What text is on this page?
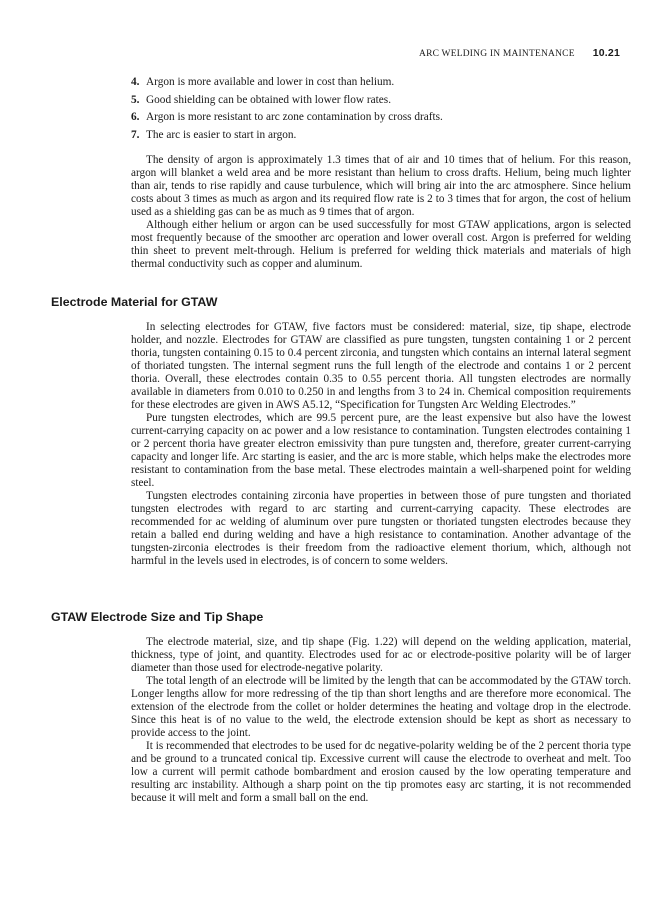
ARC WELDING IN MAINTENANCE 10.21
4. Argon is more available and lower in cost than helium.
5. Good shielding can be obtained with lower flow rates.
6. Argon is more resistant to arc zone contamination by cross drafts.
7. The arc is easier to start in argon.

The density of argon is approximately 1.3 times that of air and 10 times that of helium. For this reason, argon will blanket a weld area and be more resistant than helium to cross drafts. Helium, being much lighter than air, tends to rise rapidly and cause turbulence, which will bring air into the arc atmosphere. Since helium costs about 3 times as much as argon and its required flow rate is 2 to 3 times that for argon, the cost of helium used as a shielding gas can be as much as 9 times that of argon.

Although either helium or argon can be used successfully for most GTAW applications, argon is selected most frequently because of the smoother arc operation and lower overall cost. Argon is preferred for welding thin sheet to prevent melt-through. Helium is preferred for welding thick materials and materials of high thermal conductivity such as copper and aluminum.

Electrode Material for GTAW

In selecting electrodes for GTAW, five factors must be considered: material, size, tip shape, electrode holder, and nozzle. Electrodes for GTAW are classified as pure tungsten, tungsten containing 1 or 2 percent thoria, tungsten containing 0.15 to 0.4 percent zirconia, and tungsten which contains an internal lateral segment of thoriated tungsten. The internal segment runs the full length of the electrode and contains 1 or 2 percent thoria. Overall, these electrodes contain 0.35 to 0.55 percent thoria. All tungsten electrodes are normally available in diameters from 0.010 to 0.250 in and lengths from 3 to 24 in. Chemical composition requirements for these electrodes are given in AWS A5.12, “Specification for Tungsten Arc Welding Electrodes.”

Pure tungsten electrodes, which are 99.5 percent pure, are the least expensive but also have the lowest current-carrying capacity on ac power and a low resistance to contamination. Tungsten electrodes containing 1 or 2 percent thoria have greater electron emissivity than pure tungsten and, therefore, greater current-carrying capacity and longer life. Arc starting is easier, and the arc is more stable, which helps make the electrodes more resistant to contamination from the base metal. These electrodes maintain a well-sharpened point for welding steel.

Tungsten electrodes containing zirconia have properties in between those of pure tungsten and thoriated tungsten electrodes with regard to arc starting and current-carrying capacity. These electrodes are recommended for ac welding of aluminum over pure tungsten or thoriated tungsten electrodes because they retain a balled end during welding and have a high resistance to contamination. Another advantage of the tungsten-zirconia electrodes is their freedom from the radioactive element thorium, which, although not harmful in the levels used in electrodes, is of concern to some welders.

GTAW Electrode Size and Tip Shape

The electrode material, size, and tip shape (Fig. 1.22) will depend on the welding application, material, thickness, type of joint, and quantity. Electrodes used for ac or electrode-positive polarity will be of larger diameter than those used for electrode-negative polarity.

The total length of an electrode will be limited by the length that can be accommodated by the GTAW torch. Longer lengths allow for more redressing of the tip than short lengths and are therefore more economical. The extension of the electrode from the collet or holder determines the heating and voltage drop in the electrode. Since this heat is of no value to the weld, the electrode extension should be kept as short as necessary to provide access to the joint.

It is recommended that electrodes to be used for dc negative-polarity welding be of the 2 percent thoria type and be ground to a truncated conical tip. Excessive current will cause the electrode to overheat and melt. Too low a current will permit cathode bombardment and erosion caused by the low operating temperature and resulting arc instability. Although a sharp point on the tip promotes easy arc starting, it is not recommended because it will melt and form a small ball on the end.
